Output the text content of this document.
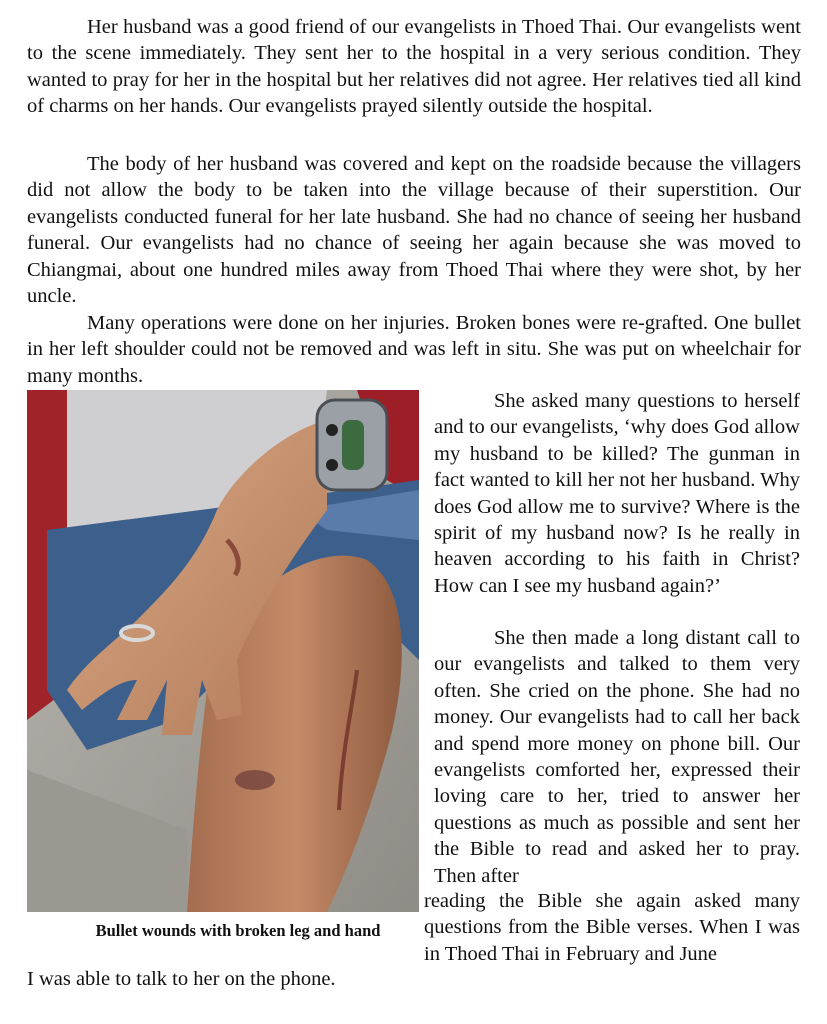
Her husband was a good friend of our evangelists in Thoed Thai. Our evangelists went to the scene immediately. They sent her to the hospital in a very serious condition. They wanted to pray for her in the hospital but her relatives did not agree. Her relatives tied all kind of charms on her hands. Our evangelists prayed silently outside the hospital.

The body of her husband was covered and kept on the roadside because the villagers did not allow the body to be taken into the village because of their superstition. Our evangelists conducted funeral for her late husband. She had no chance of seeing her husband funeral. Our evangelists had no chance of seeing her again because she was moved to Chiangmai, about one hundred miles away from Thoed Thai where they were shot, by her uncle.

Many operations were done on her injuries. Broken bones were re-grafted. One bullet in her left shoulder could not be removed and was left in situ. She was put on wheelchair for many months.

Bullet wounds with broken leg and hand

She asked many questions to herself and to our evangelists, ‘why does God allow my husband to be killed? The gunman in fact wanted to kill her not her husband. Why does God allow me to survive? Where is the spirit of my husband now? Is he really in heaven according to his faith in Christ? How can I see my husband again?’

She then made a long distant call to our evangelists and talked to them very often. She cried on the phone. She had no money. Our evangelists had to call her back and spend more money on phone bill. Our evangelists comforted her, expressed their loving care to her, tried to answer her questions as much as possible and sent her the Bible to read and asked her to pray. Then after

reading the Bible she again asked many questions from the Bible verses. When I was in Thoed Thai in February and June

I was able to talk to her on the phone.
